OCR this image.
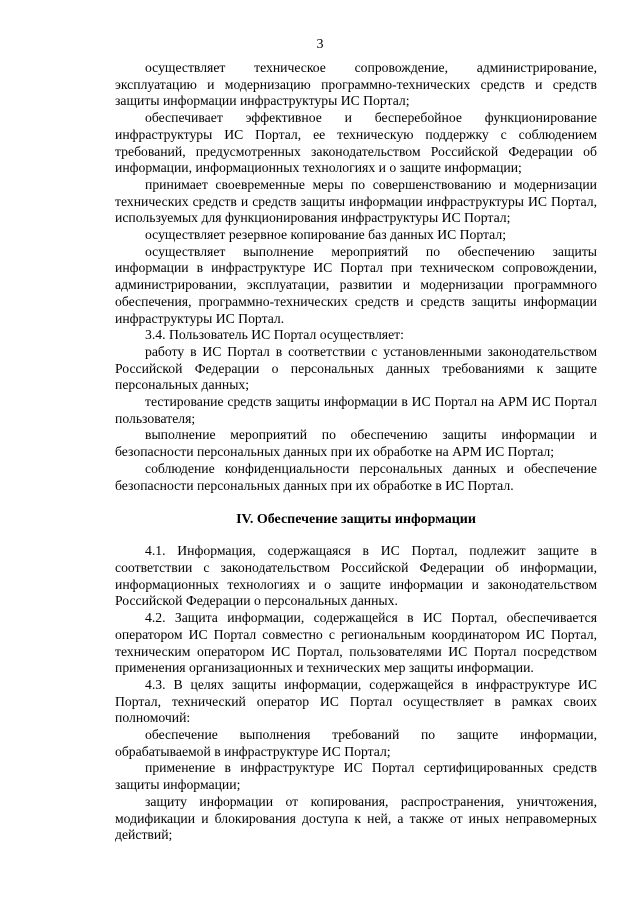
3

осуществляет техническое сопровождение, администрирование, эксплуатацию и модернизацию программно-технических средств и средств защиты информации инфраструктуры ИС Портал;

обеспечивает эффективное и бесперебойное функционирование инфраструктуры ИС Портал, ее техническую поддержку с соблюдением требований, предусмотренных законодательством Российской Федерации об информации, информационных технологиях и о защите информации;

принимает своевременные меры по совершенствованию и модернизации технических средств и средств защиты информации инфраструктуры ИС Портал, используемых для функционирования инфраструктуры ИС Портал;

осуществляет резервное копирование баз данных ИС Портал;

осуществляет выполнение мероприятий по обеспечению защиты информации в инфраструктуре ИС Портал при техническом сопровождении, администрировании, эксплуатации, развитии и модернизации программного обеспечения, программно-технических средств и средств защиты информации инфраструктуры ИС Портал.

3.4. Пользователь ИС Портал осуществляет:

работу в ИС Портал в соответствии с установленными законодательством Российской Федерации о персональных данных требованиями к защите персональных данных;

тестирование средств защиты информации в ИС Портал на АРМ ИС Портал пользователя;

выполнение мероприятий по обеспечению защиты информации и безопасности персональных данных при их обработке на АРМ ИС Портал;

соблюдение конфиденциальности персональных данных и обеспечение безопасности персональных данных при их обработке в ИС Портал.

IV. Обеспечение защиты информации

4.1. Информация, содержащаяся в ИС Портал, подлежит защите в соответствии с законодательством Российской Федерации об информации, информационных технологиях и о защите информации и законодательством Российской Федерации о персональных данных.

4.2. Защита информации, содержащейся в ИС Портал, обеспечивается оператором ИС Портал совместно с региональным координатором ИС Портал, техническим оператором ИС Портал, пользователями ИС Портал посредством применения организационных и технических мер защиты информации.

4.3. В целях защиты информации, содержащейся в инфраструктуре ИС Портал, технический оператор ИС Портал осуществляет в рамках своих полномочий:

обеспечение выполнения требований по защите информации, обрабатываемой в инфраструктуре ИС Портал;

применение в инфраструктуре ИС Портал сертифицированных средств защиты информации;

защиту информации от копирования, распространения, уничтожения, модификации и блокирования доступа к ней, а также от иных неправомерных действий;
